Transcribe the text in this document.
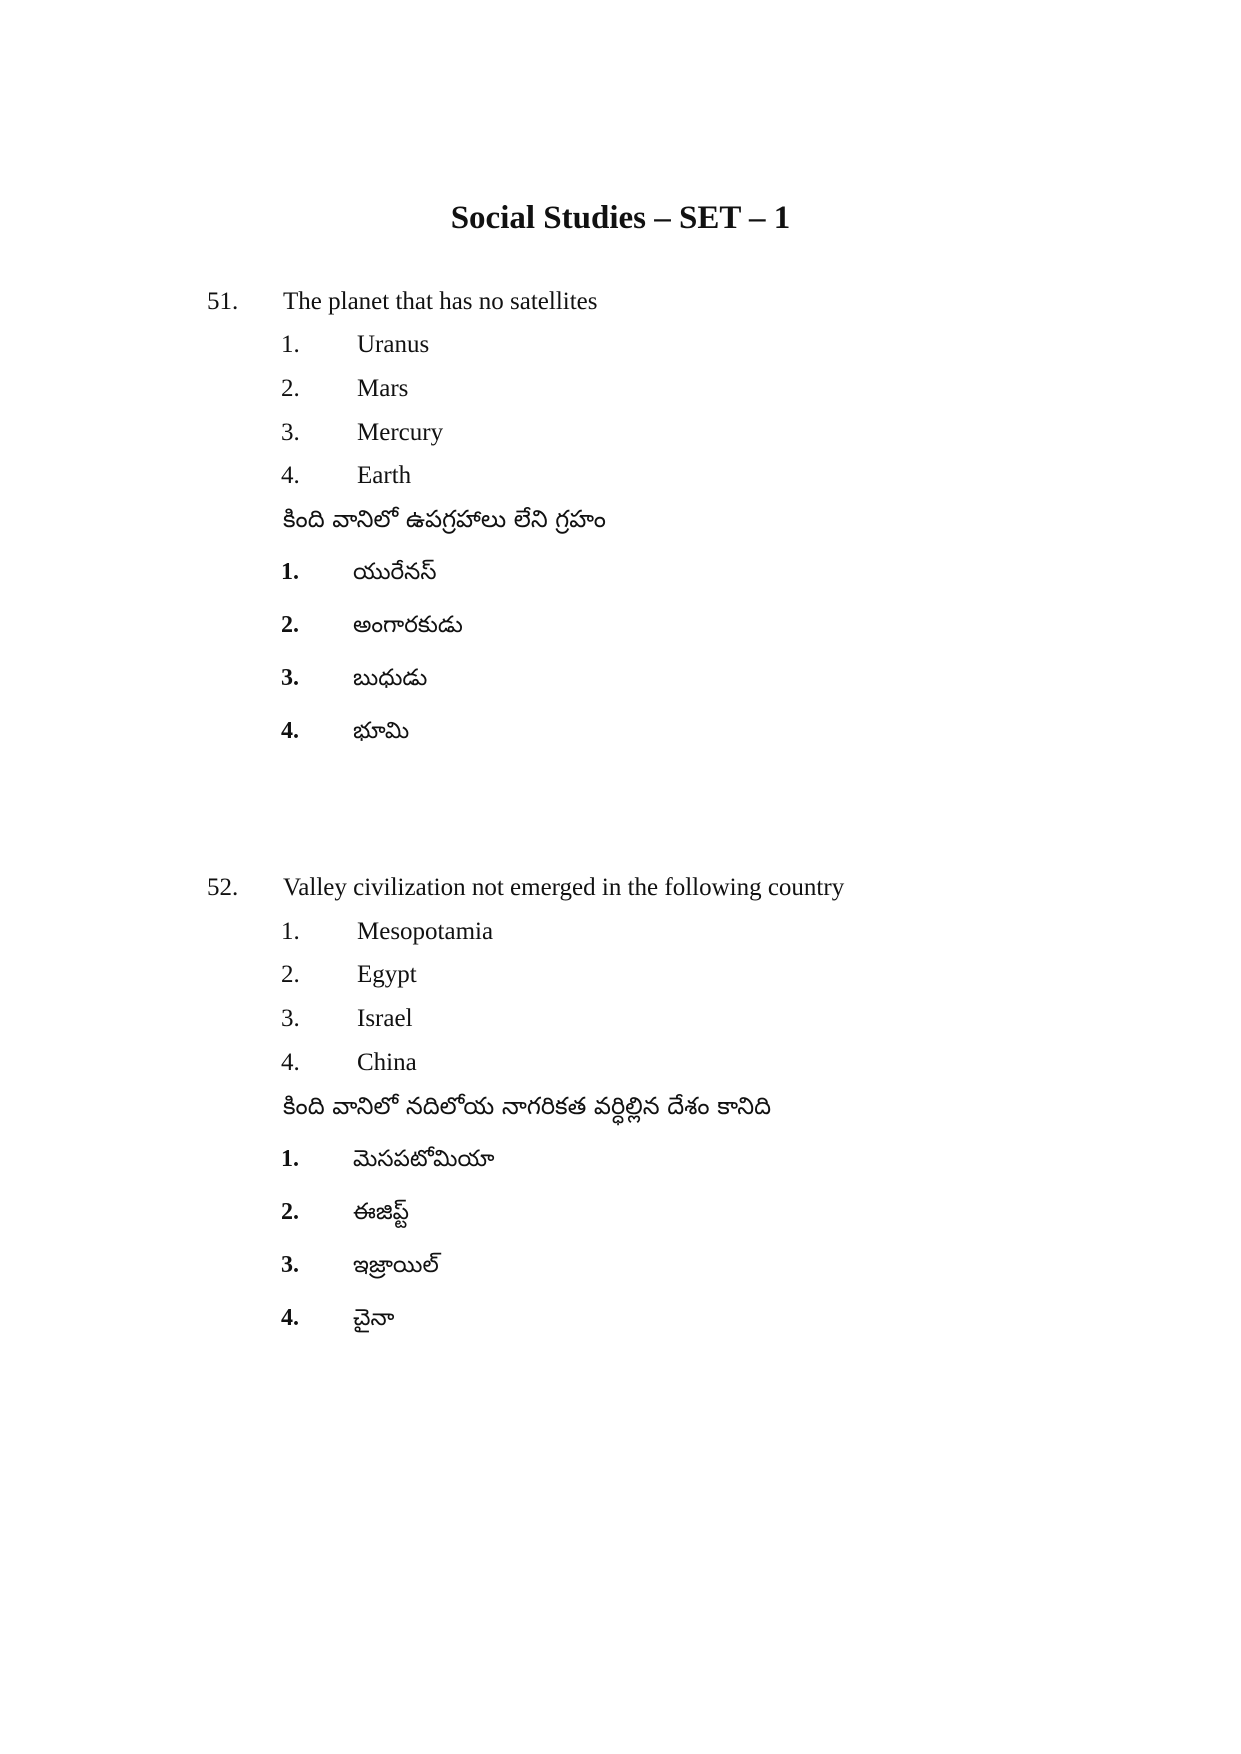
Social Studies – SET – 1
51. The planet that has no satellites
1. Uranus
2. Mars
3. Mercury
4. Earth
కింది వానిలో ఉపగ్రహాలు లేని గ్రహం
1. యురేనస్
2. అంగారకుడు
3. బుధుడు
4. భూమి
52. Valley civilization not emerged in the following country
1. Mesopotamia
2. Egypt
3. Israel
4. China
కింది వానిలో నదిలోయ నాగరికత వర్ధిల్లిన దేశం కానిది
1. మెసపటోమియా
2. ఈజిప్ట్
3. ఇజ్రాయిల్
4. చైనా
